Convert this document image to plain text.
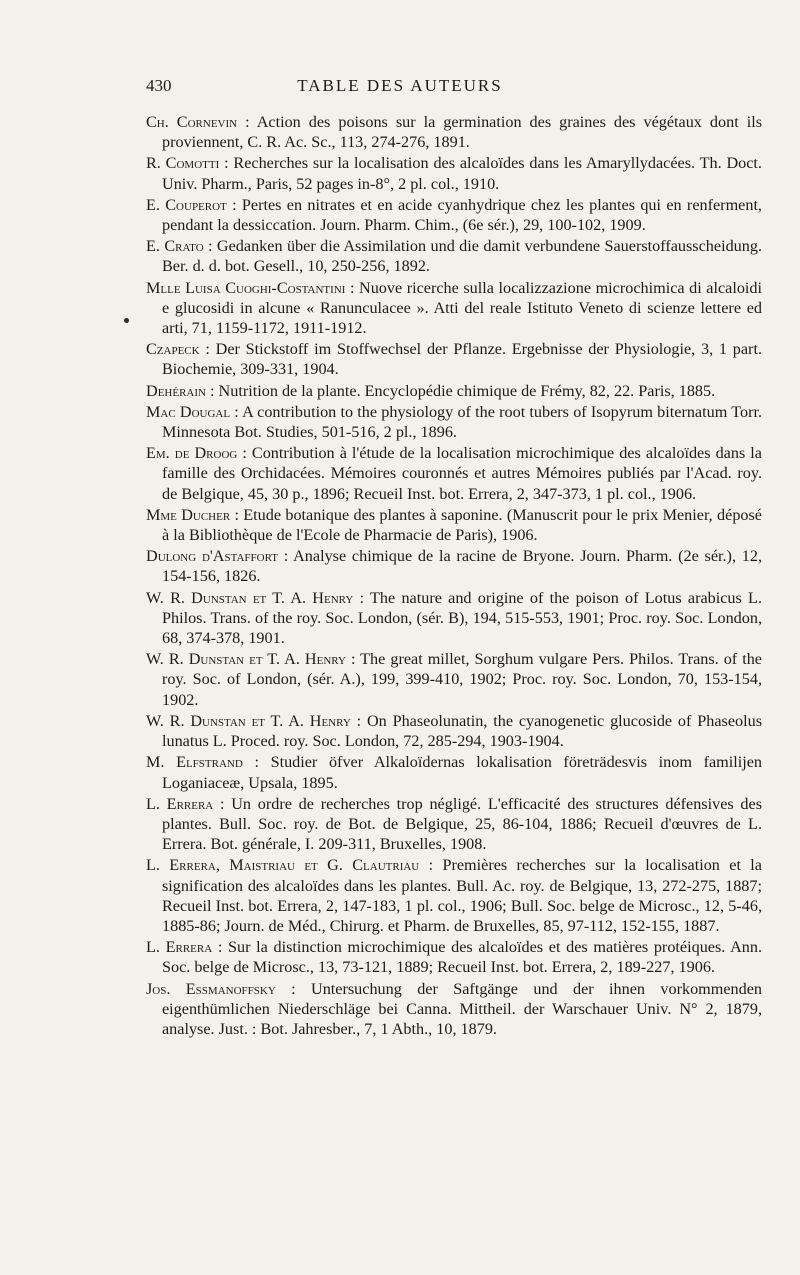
430	TABLE DES AUTEURS

Ch. Cornevin : Action des poisons sur la germination des graines des végétaux dont ils proviennent, C. R. Ac. Sc., 113, 274-276, 1891.

R. Comotti : Recherches sur la localisation des alcaloïdes dans les Amaryllydacées. Th. Doct. Univ. Pharm., Paris, 52 pages in-8°, 2 pl. col., 1910.

E. Couperot : Pertes en nitrates et en acide cyanhydrique chez les plantes qui en renferment, pendant la dessiccation. Journ. Pharm. Chim., (6e sér.), 29, 100-102, 1909.

E. Crato : Gedanken über die Assimilation und die damit verbundene Sauerstoffausscheidung. Ber. d. d. bot. Gesell., 10, 250-256, 1892.

Mlle Luisa Cuoghi-Costantini : Nuove ricerche sulla localizzazione microchimica di alcaloidi e glucosidi in alcune « Ranunculacee ». Atti del reale Istituto Veneto di scienze lettere ed arti, 71, 1159-1172, 1911-1912.

Czapeck : Der Stickstoff im Stoffwechsel der Pflanze. Ergebnisse der Physiologie, 3, 1 part. Biochemie, 309-331, 1904.

Dehérain : Nutrition de la plante. Encyclopédie chimique de Frémy, 82, 22. Paris, 1885.

Mac Dougal : A contribution to the physiology of the root tubers of Isopyrum biternatum Torr. Minnesota Bot. Studies, 501-516, 2 pl., 1896.

Em. de Droog : Contribution à l'étude de la localisation microchimique des alcaloïdes dans la famille des Orchidacées. Mémoires couronnés et autres Mémoires publiés par l'Acad. roy. de Belgique, 45, 30 p., 1896; Recueil Inst. bot. Errera, 2, 347-373, 1 pl. col., 1906.

Mme Ducher : Etude botanique des plantes à saponine. (Manuscrit pour le prix Menier, déposé à la Bibliothèque de l'Ecole de Pharmacie de Paris), 1906.

Dulong d'Astaffort : Analyse chimique de la racine de Bryone. Journ. Pharm. (2e sér.), 12, 154-156, 1826.

W. R. Dunstan et T. A. Henry : The nature and origine of the poison of Lotus arabicus L. Philos. Trans. of the roy. Soc. London, (sér. B), 194, 515-553, 1901; Proc. roy. Soc. London, 68, 374-378, 1901.

W. R. Dunstan et T. A. Henry : The great millet, Sorghum vulgare Pers. Philos. Trans. of the roy. Soc. of London, (sér. A.), 199, 399-410, 1902; Proc. roy. Soc. London, 70, 153-154, 1902.

W. R. Dunstan et T. A. Henry : On Phaseolunatin, the cyanogenetic glucoside of Phaseolus lunatus L. Proced. roy. Soc. London, 72, 285-294, 1903-1904.

M. Elfstrand : Studier öfver Alkaloïdernas lokalisation företrädesvis inom familijen Loganiaceæ, Upsala, 1895.

L. Errera : Un ordre de recherches trop négligé. L'efficacité des structures défensives des plantes. Bull. Soc. roy. de Bot. de Belgique, 25, 86-104, 1886; Recueil d'œuvres de L. Errera. Bot. générale, I. 209-311, Bruxelles, 1908.

L. Errera, Maistriau et G. Clautriau : Premières recherches sur la localisation et la signification des alcaloïdes dans les plantes. Bull. Ac. roy. de Belgique, 13, 272-275, 1887; Recueil Inst. bot. Errera, 2, 147-183, 1 pl. col., 1906; Bull. Soc. belge de Microsc., 12, 5-46, 1885-86; Journ. de Méd., Chirurg. et Pharm. de Bruxelles, 85, 97-112, 152-155, 1887.

L. Errera : Sur la distinction microchimique des alcaloïdes et des matières protéiques. Ann. Soc. belge de Microsc., 13, 73-121, 1889; Recueil Inst. bot. Errera, 2, 189-227, 1906.

Jos. Essmanoffsky : Untersuchung der Saftgänge und der ihnen vorkommenden eigenthümlichen Niederschläge bei Canna. Mittheil. der Warschauer Univ. N° 2, 1879, analyse. Just. : Bot. Jahresber., 7, 1 Abth., 10, 1879.
